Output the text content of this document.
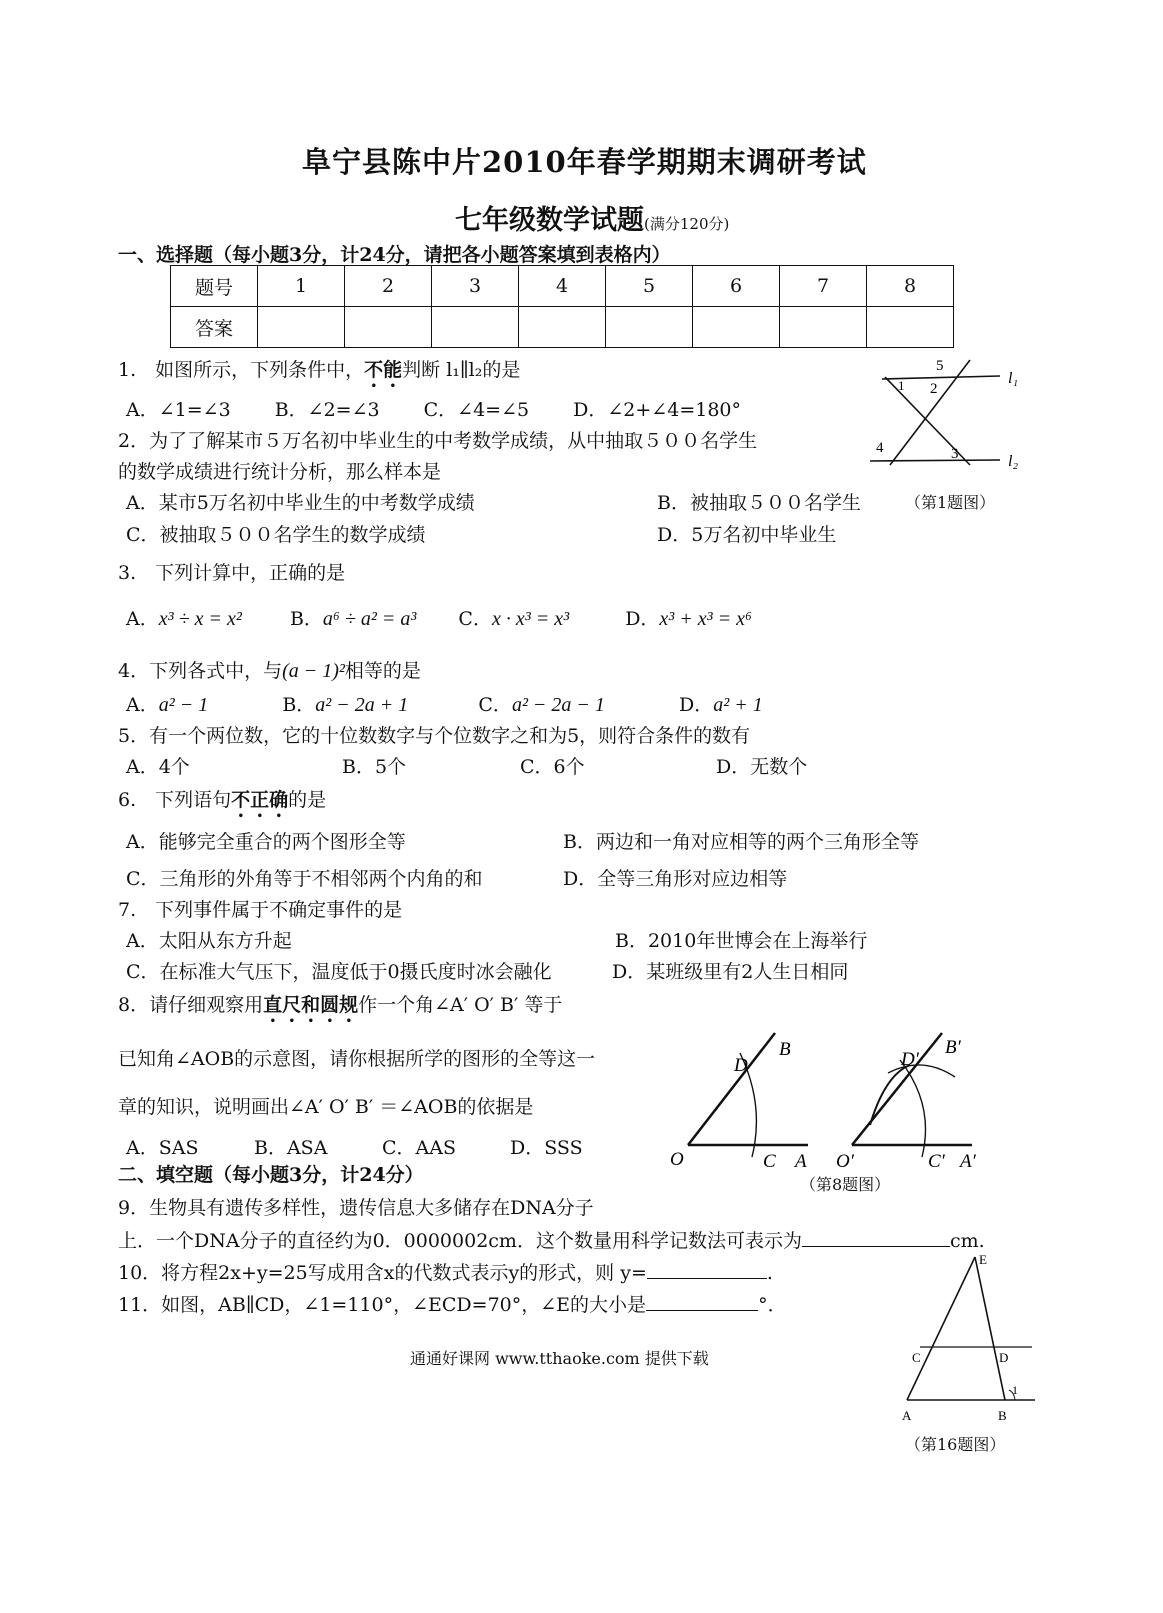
阜宁县陈中片2010年春学期期末调研考试
七年级数学试题(满分120分)
一、选择题（每小题3分，计24分，请把各小题答案填到表格内）
题号	1	2	3	4	5	6	7	8
答案								
1.　如图所示，下列条件中，不能判断 l₁∥l₂的是
A．∠1=∠3　　 B．∠2=∠3　　 C．∠4=∠5　　 D．∠2+∠4=180°
5
1 2
4	3
l₁
l₂
（第1题图）
2．为了了解某市５万名初中毕业生的中考数学成绩，从中抽取５００名学生
的数学成绩进行统计分析，那么样本是
A．某市5万名初中毕业生的中考数学成绩	B．被抽取５００名学生
C．被抽取５００名学生的数学成绩	D．5万名初中毕业生
3.　下列计算中，正确的是
A．x³ ÷ x = x²	B．a⁶ ÷ a² = a³ C．x · x³ = x³	D．x³ + x³ = x⁶
4．下列各式中，与(a − 1)²相等的是
A．a² − 1	B．a² − 2a + 1	C．a² − 2a − 1	D．a² + 1
5．有一个两位数，它的十位数数字与个位数字之和为5，则符合条件的数有
A．4个	B．5个	C．6个	D．无数个
6.　下列语句不正确的是
A．能够完全重合的两个图形全等	B．两边和一角对应相等的两个三角形全等
C．三角形的外角等于不相邻两个内角的和	D．全等三角形对应边相等
7.　下列事件属于不确定事件的是
A．太阳从东方升起	B．2010年世博会在上海举行
C．在标准大气压下，温度低于0摄氏度时冰会融化	D．某班级里有2人生日相同
8．请仔细观察用直尺和圆规作一个角∠A′ O′ B′ 等于
已知角∠AOB的示意图，请你根据所学的图形的全等这一
章的知识，说明画出∠A′ O′ B′ ＝∠AOB的依据是
A．SAS	B．ASA	C．AAS	D．SSS
D
B
O	C A
D′
B′
O′	C′ A′
（第8题图）
二、填空题（每小题3分，计24分）
9．生物具有遗传多样性，遗传信息大多储存在DNA分子
上．一个DNA分子的直径约为0．0000002cm．这个数量用科学记数法可表示为	cm.
10．将方程2x+y=25写成用含x的代数式表示y的形式，则 y=	.
11．如图，AB∥CD，∠1=110°，∠ECD=70°，∠E的大小是	°．
通通好课网 www.tthaoke.com 提供下载
E
C	D
A	B
1
（第16题图）
